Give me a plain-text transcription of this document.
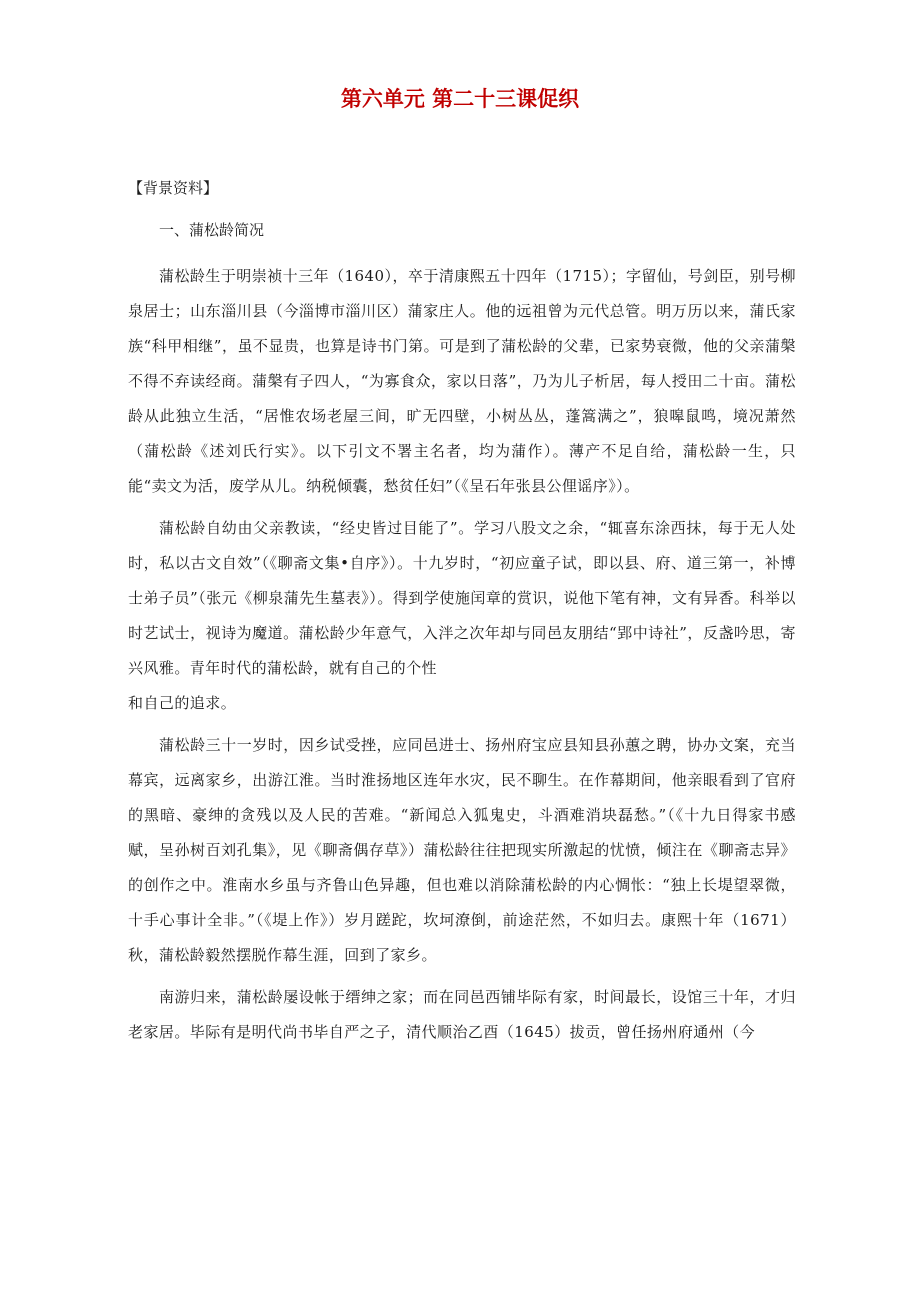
第六单元 第二十三课促织

【背景资料】

一、蒲松龄简况

蒲松龄生于明崇祯十三年（1640），卒于清康熙五十四年（1715）；字留仙，号剑臣，别号柳泉居士；山东淄川县（今淄博市淄川区）蒲家庄人。他的远祖曾为元代总管。明万历以来，蒲氏家族“科甲相继”，虽不显贵，也算是诗书门第。可是到了蒲松龄的父辈，已家势衰微，他的父亲蒲槃不得不弃读经商。蒲槃有子四人，“为寡食众，家以日落”，乃为儿子析居，每人授田二十亩。蒲松龄从此独立生活，“居惟农场老屋三间，旷无四壁，小树丛丛，蓬篙满之”，狼嗥鼠鸣，境况萧然（蒲松龄《述刘氏行实》。以下引文不署主名者，均为蒲作）。薄产不足自给，蒲松龄一生，只能“卖文为活，废学从儿。纳税倾囊，愁贫任妇”（《呈石年张县公俚谣序》）。

蒲松龄自幼由父亲教读，“经史皆过目能了”。学习八股文之余，“辄喜东涂西抹，每于无人处时，私以古文自效”（《聊斋文集•自序》）。十九岁时，“初应童子试，即以县、府、道三第一，补博士弟子员”（张元《柳泉蒲先生墓表》）。得到学使施闰章的赏识，说他下笔有神，文有异香。科举以时艺试士，视诗为魔道。蒲松龄少年意气，入泮之次年却与同邑友朋结“郢中诗社”，反盏吟思，寄兴风雅。青年时代的蒲松龄，就有自己的个性

和自己的追求。

蒲松龄三十一岁时，因乡试受挫，应同邑进士、扬州府宝应县知县孙蕙之聘，协办文案，充当幕宾，远离家乡，出游江淮。当时淮扬地区连年水灾，民不聊生。在作幕期间，他亲眼看到了官府的黑暗、豪绅的贪残以及人民的苦难。“新闻总入狐鬼史，斗酒难消块磊愁。”（《十九日得家书感赋，呈孙树百刘孔集》，见《聊斋偶存草》）蒲松龄往往把现实所激起的忧愤，倾注在《聊斋志异》的创作之中。淮南水乡虽与齐鲁山色异趣，但也难以消除蒲松龄的内心惆怅：“独上长堤望翠微，十手心事计全非。”（《堤上作》）岁月蹉跎，坎坷潦倒，前途茫然，不如归去。康熙十年（1671）秋，蒲松龄毅然摆脱作幕生涯，回到了家乡。

南游归来，蒲松龄屡设帐于缙绅之家；而在同邑西铺毕际有家，时间最长，设馆三十年，才归老家居。毕际有是明代尚书毕自严之子，清代顺治乙酉（1645）拔贡，曾任扬州府通州（今
